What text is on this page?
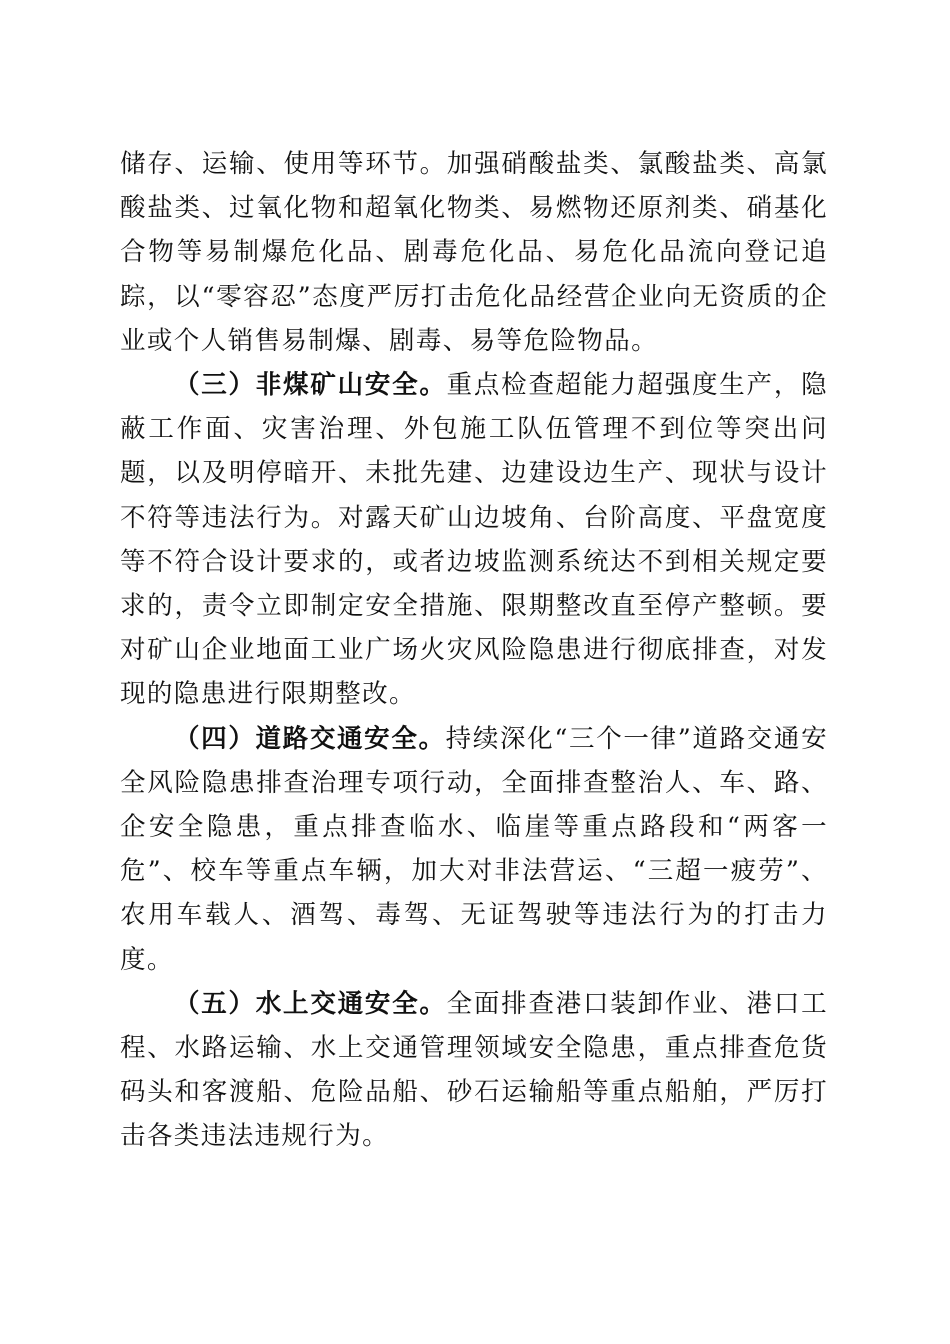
储存、运输、使用等环节。加强硝酸盐类、氯酸盐类、高氯酸盐类、过氧化物和超氧化物类、易燃物还原剂类、硝基化合物等易制爆危化品、剧毒危化品、易危化品流向登记追踪，以“零容忍”态度严厉打击危化品经营企业向无资质的企业或个人销售易制爆、剧毒、易等危险物品。

（三）非煤矿山安全。重点检查超能力超强度生产，隐蔽工作面、灾害治理、外包施工队伍管理不到位等突出问题，以及明停暗开、未批先建、边建设边生产、现状与设计不符等违法行为。对露天矿山边坡角、台阶高度、平盘宽度等不符合设计要求的，或者边坡监测系统达不到相关规定要求的，责令立即制定安全措施、限期整改直至停产整顿。要对矿山企业地面工业广场火灾风险隐患进行彻底排查，对发现的隐患进行限期整改。

（四）道路交通安全。持续深化“三个一律”道路交通安全风险隐患排查治理专项行动，全面排查整治人、车、路、企安全隐患，重点排查临水、临崖等重点路段和“两客一危”、校车等重点车辆，加大对非法营运、“三超一疲劳”、农用车载人、酒驾、毒驾、无证驾驶等违法行为的打击力度。

（五）水上交通安全。全面排查港口装卸作业、港口工程、水路运输、水上交通管理领域安全隐患，重点排查危货码头和客渡船、危险品船、砂石运输船等重点船舶，严厉打击各类违法违规行为。
